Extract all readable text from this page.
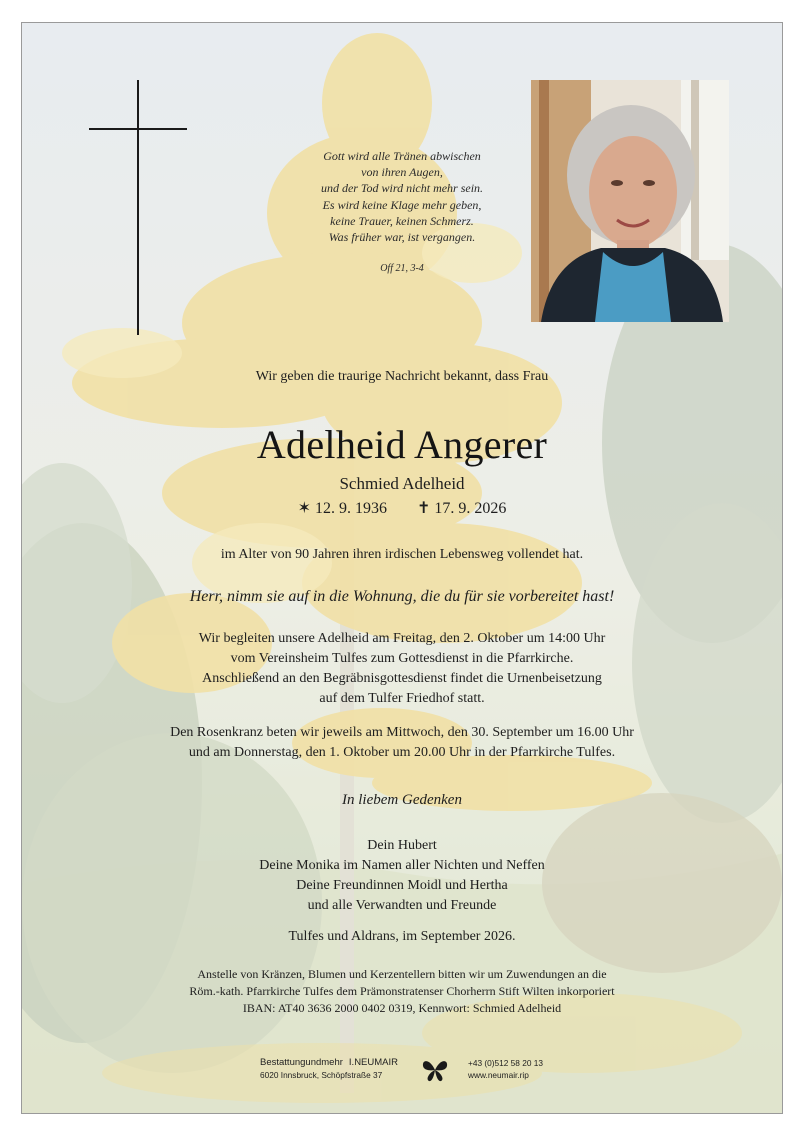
Gott wird alle Tränen abwischen
von ihren Augen,
und der Tod wird nicht mehr sein.
Es wird keine Klage mehr geben,
keine Trauer, keinen Schmerz.
Was früher war, ist vergangen.
Off 21, 3-4
Wir geben die traurige Nachricht bekannt, dass Frau
Adelheid Angerer
Schmied Adelheid
✶ 12. 9. 1936 ✝ 17. 9. 2026
im Alter von 90 Jahren ihren irdischen Lebensweg vollendet hat.
Herr, nimm sie auf in die Wohnung, die du für sie vorbereitet hast!
Wir begleiten unsere Adelheid am Freitag, den 2. Oktober um 14:00 Uhr
vom Vereinsheim Tulfes zum Gottesdienst in die Pfarrkirche.
Anschließend an den Begräbnisgottesdienst findet die Urnenbeisetzung
auf dem Tulfer Friedhof statt.
Den Rosenkranz beten wir jeweils am Mittwoch, den 30. September um 16.00 Uhr
und am Donnerstag, den 1. Oktober um 20.00 Uhr in der Pfarrkirche Tulfes.
In liebem Gedenken
Dein Hubert
Deine Monika im Namen aller Nichten und Neffen
Deine Freundinnen Moidl und Hertha
und alle Verwandten und Freunde
Tulfes und Aldrans, im September 2026.
Anstelle von Kränzen, Blumen und Kerzentellern bitten wir um Zuwendungen an die
Röm.-kath. Pfarrkirche Tulfes dem Prämonstratenser Chorherrn Stift Wilten inkorporiert
IBAN: AT40 3636 2000 0402 0319, Kennwort: Schmied Adelheid
Bestattungundmehr I.NEUMAIR
6020 Innsbruck, Schöpfstraße 37
+43 (0)512 58 20 13
www.neumair.rip
